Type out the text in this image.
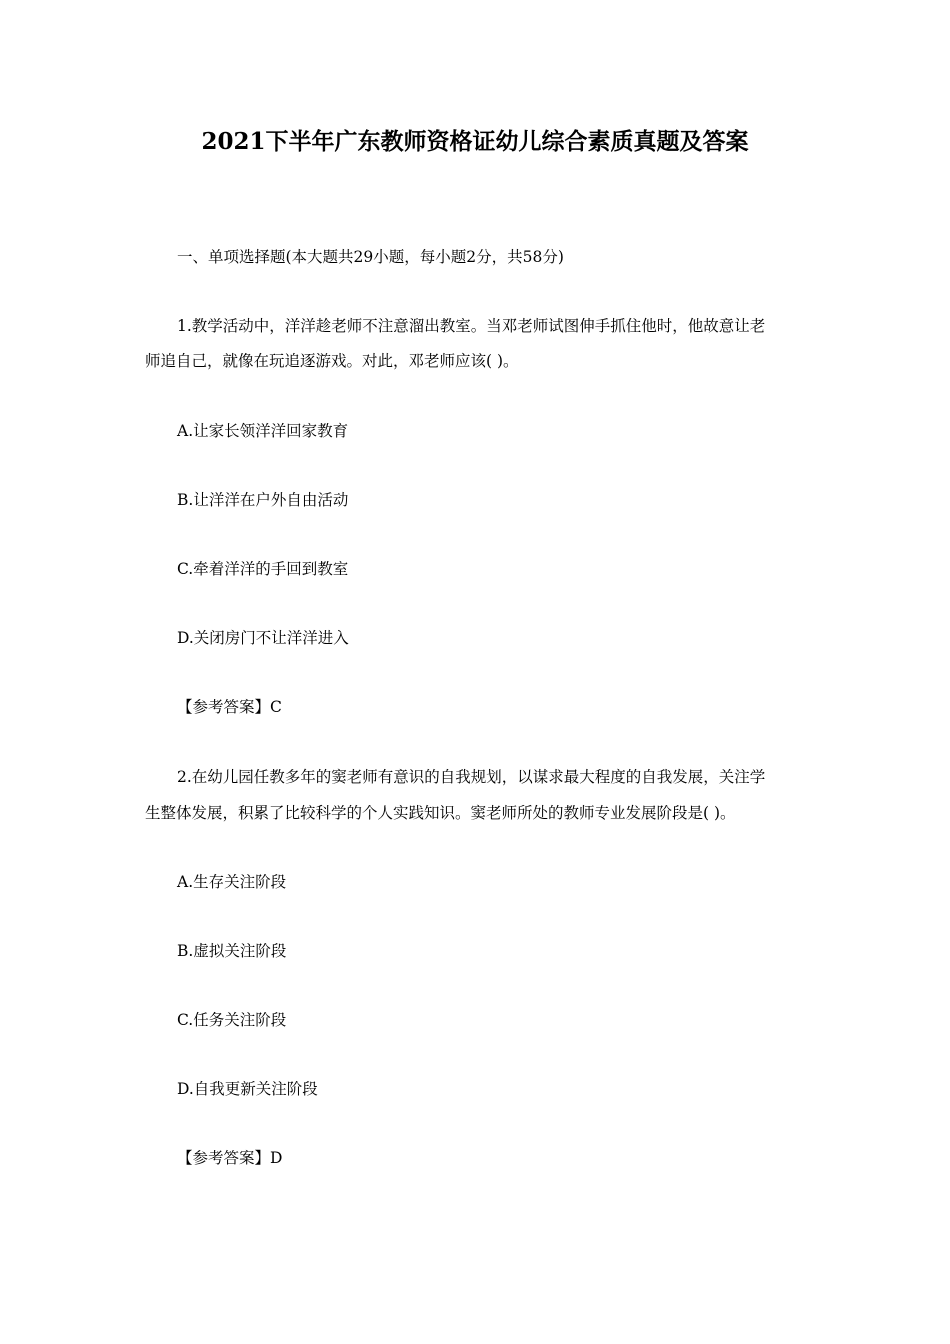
2021下半年广东教师资格证幼儿综合素质真题及答案

一、单项选择题(本大题共29小题，每小题2分，共58分)

1.教学活动中，洋洋趁老师不注意溜出教室。当邓老师试图伸手抓住他时，他故意让老

师追自己，就像在玩追逐游戏。对此，邓老师应该( )。

A.让家长领洋洋回家教育

B.让洋洋在户外自由活动

C.牵着洋洋的手回到教室

D.关闭房门不让洋洋进入

【参考答案】C

2.在幼儿园任教多年的窦老师有意识的自我规划，以谋求最大程度的自我发展，关注学

生整体发展，积累了比较科学的个人实践知识。窦老师所处的教师专业发展阶段是( )。

A.生存关注阶段

B.虚拟关注阶段

C.任务关注阶段

D.自我更新关注阶段

【参考答案】D
